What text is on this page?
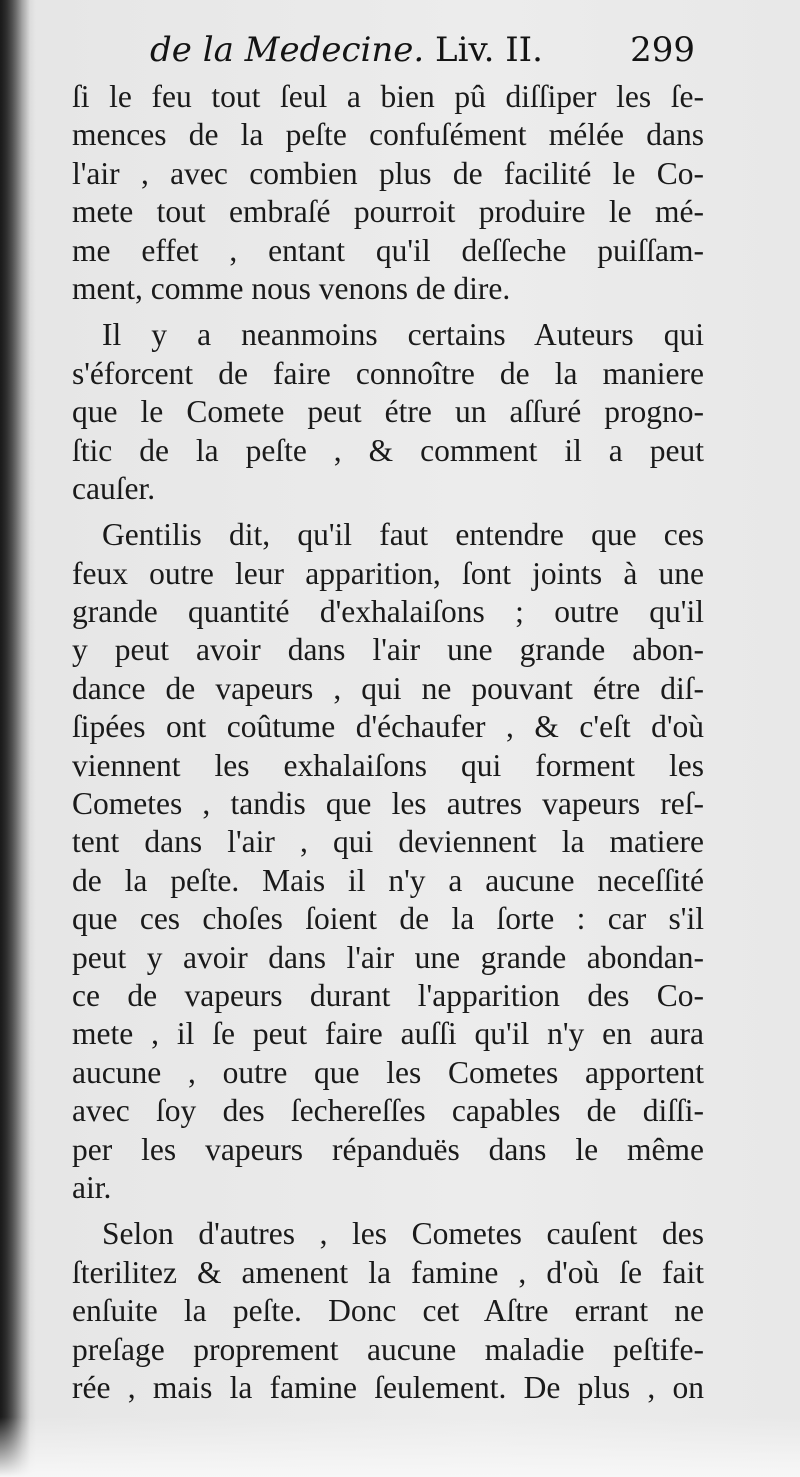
de la Medecine. Liv. II.	299
ſi le feu tout ſeul a bien pû diſſiper les ſe-
mences de la peſte confuſément mélée dans
l'air , avec combien plus de facilité le Co-
mete tout embraſé pourroit produire le mé-
me effet , entant qu'il deſſeche puiſſam-
ment, comme nous venons de dire.
Il y a neanmoins certains Auteurs qui
s'éforcent de faire connoître de la maniere
que le Comete peut étre un aſſuré progno-
ſtic de la peſte , & comment il a peut
cauſer.
Gentilis dit, qu'il faut entendre que ces
feux outre leur apparition, ſont joints à une
grande quantité d'exhalaiſons ; outre qu'il
y peut avoir dans l'air une grande abon-
dance de vapeurs , qui ne pouvant étre diſ-
ſipées ont coûtume d'échaufer , & c'eſt d'où
viennent les exhalaiſons qui forment les
Cometes , tandis que les autres vapeurs reſ-
tent dans l'air , qui deviennent la matiere
de la peſte. Mais il n'y a aucune neceſſité
que ces choſes ſoient de la ſorte : car s'il
peut y avoir dans l'air une grande abondan-
ce de vapeurs durant l'apparition des Co-
mete , il ſe peut faire auſſi qu'il n'y en aura
aucune , outre que les Cometes apportent
avec ſoy des ſechereſſes capables de diſſi-
per les vapeurs répanduës dans le même
air.
Selon d'autres , les Cometes cauſent des
ſterilitez & amenent la famine , d'où ſe fait
enſuite la peſte. Donc cet Aſtre errant ne
preſage proprement aucune maladie peſtife-
rée , mais la famine ſeulement. De plus , on
